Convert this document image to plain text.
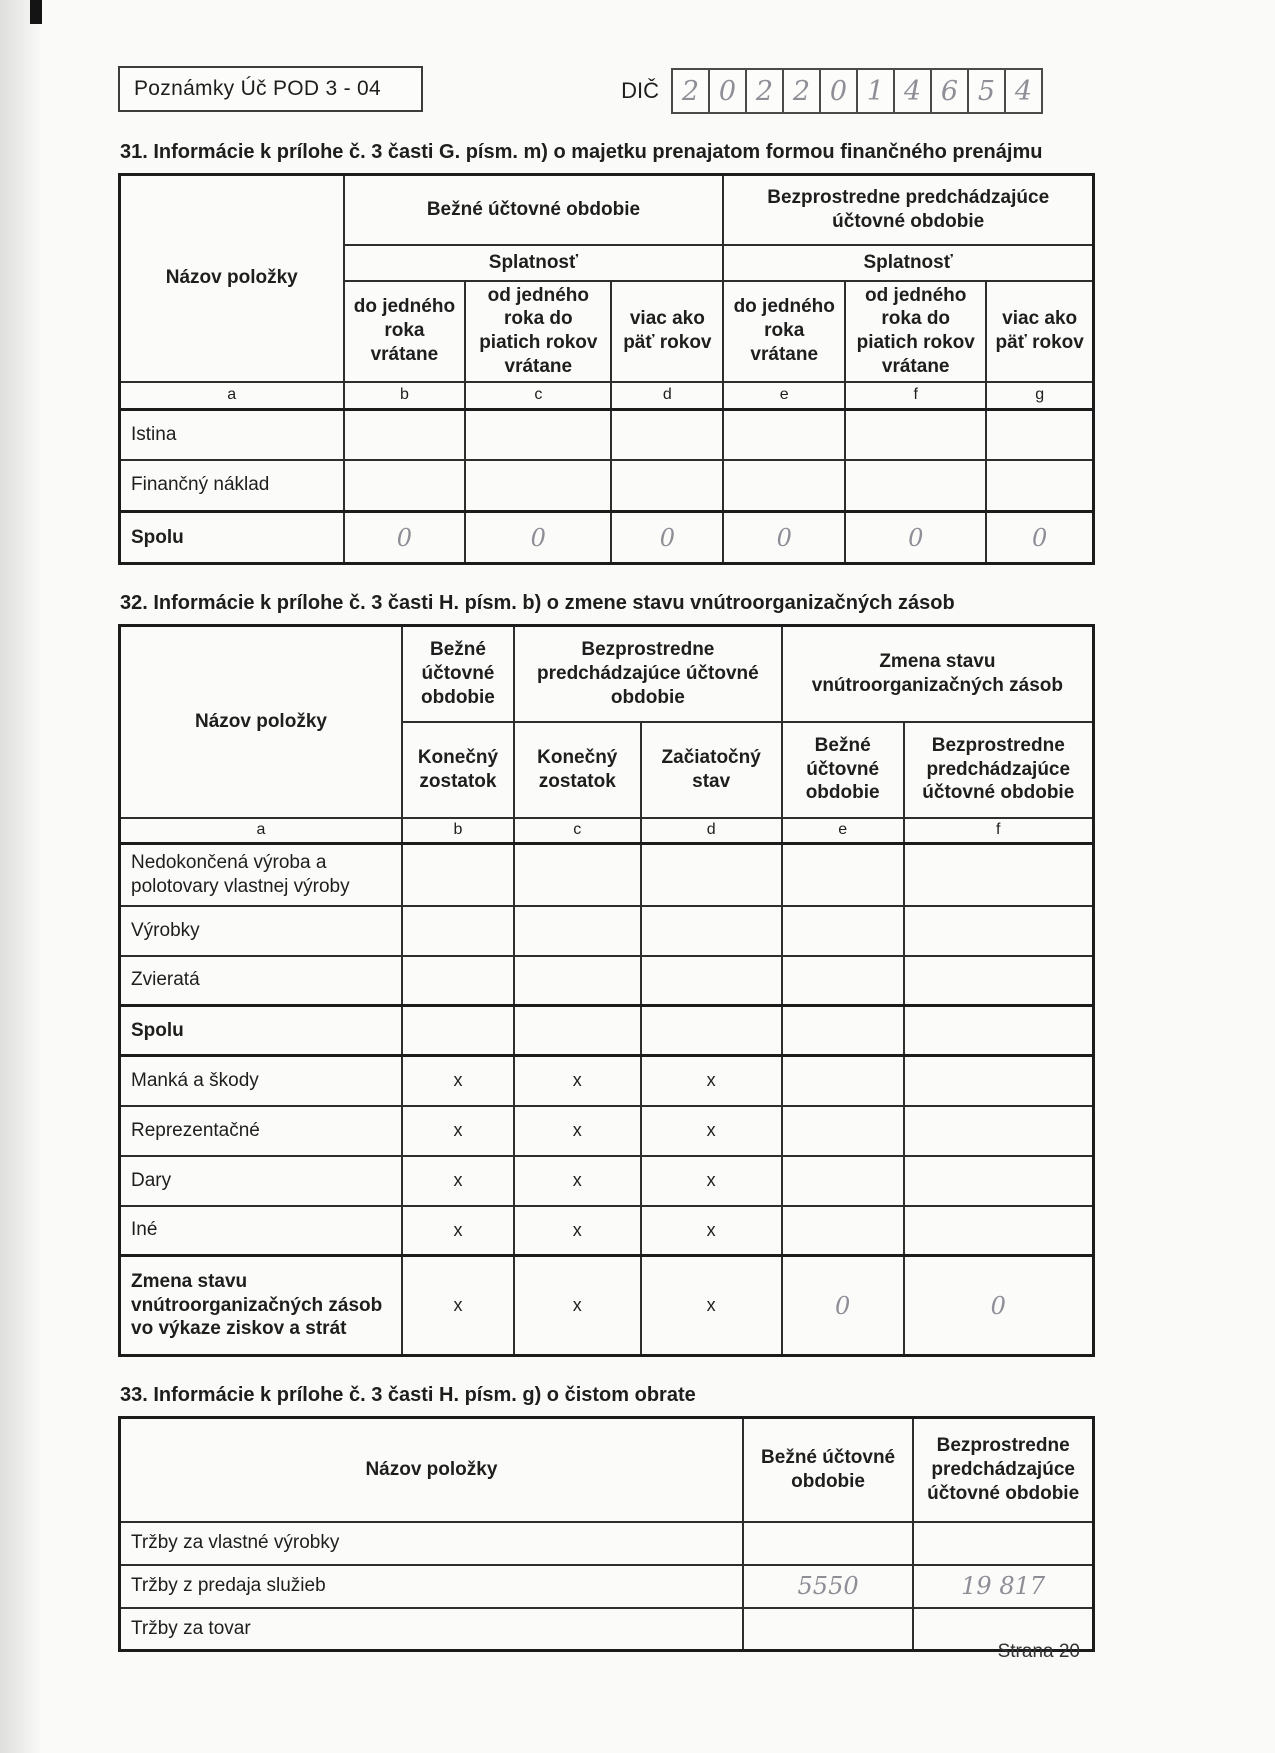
Poznámky Úč POD 3 - 04	DIČ 2 0 2 2 0 1 4 6 5 4
31. Informácie k prílohe č. 3 časti G. písm. m) o majetku prenajatom formou finančného prenájmu
Názov položky	Bežné účtovné obdobie			Bezprostredne predchádzajúce účtovné obdobie		
	Splatnosť			Splatnosť		
	do jedného roka vrátane	od jedného roka do piatich rokov vrátane	viac ako päť rokov	do jedného roka vrátane	od jedného roka do piatich rokov vrátane	viac ako päť rokov
a	b	c	d	e	f	g
Istina						
Finančný náklad						
Spolu	0	0	0	0	0	0
32. Informácie k prílohe č. 3 časti H. písm. b) o zmene stavu vnútroorganizačných zásob
Názov položky	Bežné účtovné obdobie	Bezprostredne predchádzajúce účtovné obdobie		Zmena stavu vnútroorganizačných zásob	
	Konečný zostatok	Konečný zostatok	Začiatočný stav	Bežné účtovné obdobie	Bezprostredne predchádzajúce účtovné obdobie
a	b	c	d	e	f
Nedokončená výroba a polotovary vlastnej výroby					
Výrobky					
Zvieratá					
Spolu					
Manká a škody	x	x	x		
Reprezentačné	x	x	x		
Dary	x	x	x		
Iné	x	x	x		
Zmena stavu vnútroorganizačných zásob vo výkaze ziskov a strát	x	x	x	0	0
33. Informácie k prílohe č. 3 časti H. písm. g) o čistom obrate
Názov položky	Bežné účtovné obdobie	Bezprostredne predchádzajúce účtovné obdobie
Tržby za vlastné výrobky		
Tržby z predaja služieb	5550	19 817
Tržby za tovar		
Strana 20
